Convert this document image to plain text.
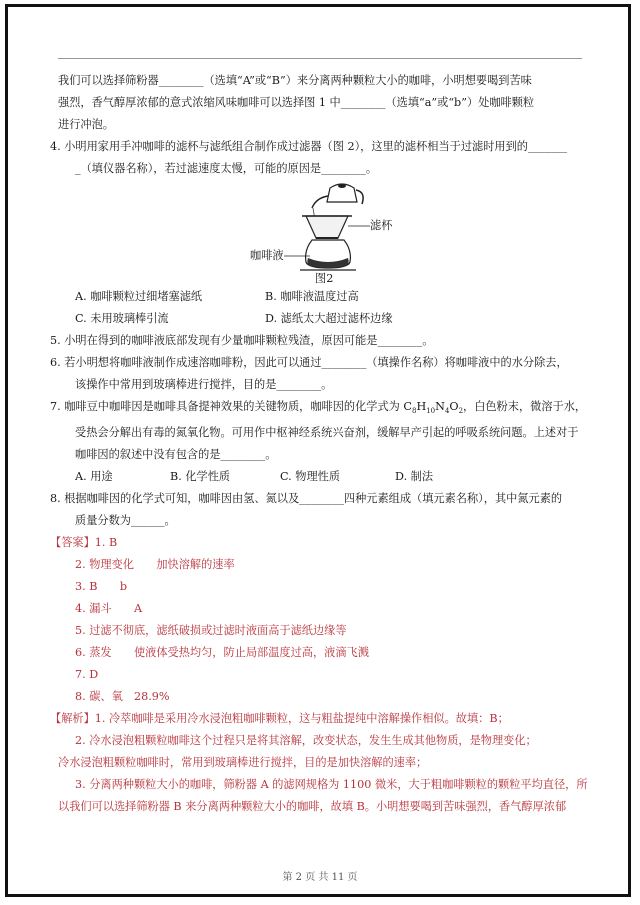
我们可以选择筛粉器________（选填“A”或“B”）来分离两种颗粒大小的咖啡，小明想要喝到苦味
强烈，香气醇厚浓郁的意式浓缩风味咖啡可以选择图 1 中________（选填“a”或“b”）处咖啡颗粒
进行冲泡。
4. 小明用家用手冲咖啡的滤杯与滤纸组合制作成过滤器（图 2），这里的滤杯相当于过滤时用到的_______
_（填仪器名称），若过滤速度太慢，可能的原因是________。
滤杯
咖啡液
图2
A. 咖啡颗粒过细堵塞滤纸	B. 咖啡液温度过高
C. 未用玻璃棒引流	D. 滤纸太大超过滤杯边缘
5. 小明在得到的咖啡液底部发现有少量咖啡颗粒残渣，原因可能是________。
6. 若小明想将咖啡液制作成速溶咖啡粉，因此可以通过________（填操作名称）将咖啡液中的水分除去，
该操作中常用到玻璃棒进行搅拌，目的是________。
7. 咖啡豆中咖啡因是咖啡具备提神效果的关键物质，咖啡因的化学式为 $C_8H_{10}N_4O_2$，白色粉末，微溶于水，
受热会分解出有毒的氮氧化物。可用作中枢神经系统兴奋剂，缓解早产引起的呼吸系统问题。上述对于
咖啡因的叙述中没有包含的是________。
A. 用途	B. 化学性质	C. 物理性质	D. 制法
8. 根据咖啡因的化学式可知，咖啡因由氢、氮以及________四种元素组成（填元素名称），其中氮元素的
质量分数为______。
【答案】1. B
2. 物理变化　　加快溶解的速率
3. B　　b
4. 漏斗　　A
5. 过滤不彻底，滤纸破损或过滤时液面高于滤纸边缘等
6. 蒸发　　使液体受热均匀，防止局部温度过高，液滴飞溅
7. D
8. 碳、氧　28.9%
【解析】1. 冷萃咖啡是采用冷水浸泡粗咖啡颗粒，这与粗盐提纯中溶解操作相似。故填：B；
2. 冷水浸泡粗颗粒咖啡这个过程只是将其溶解，改变状态，发生生成其他物质，是物理变化；
冷水浸泡粗颗粒咖啡时，常用到玻璃棒进行搅拌，目的是加快溶解的速率；
3. 分离两种颗粒大小的咖啡，筛粉器 A 的滤网规格为 1100 微米，大于粗咖啡颗粒的颗粒平均直径，所
以我们可以选择筛粉器 B 来分离两种颗粒大小的咖啡，故填 B。小明想要喝到苦味强烈，香气醇厚浓郁
第 2 页 共 11 页
